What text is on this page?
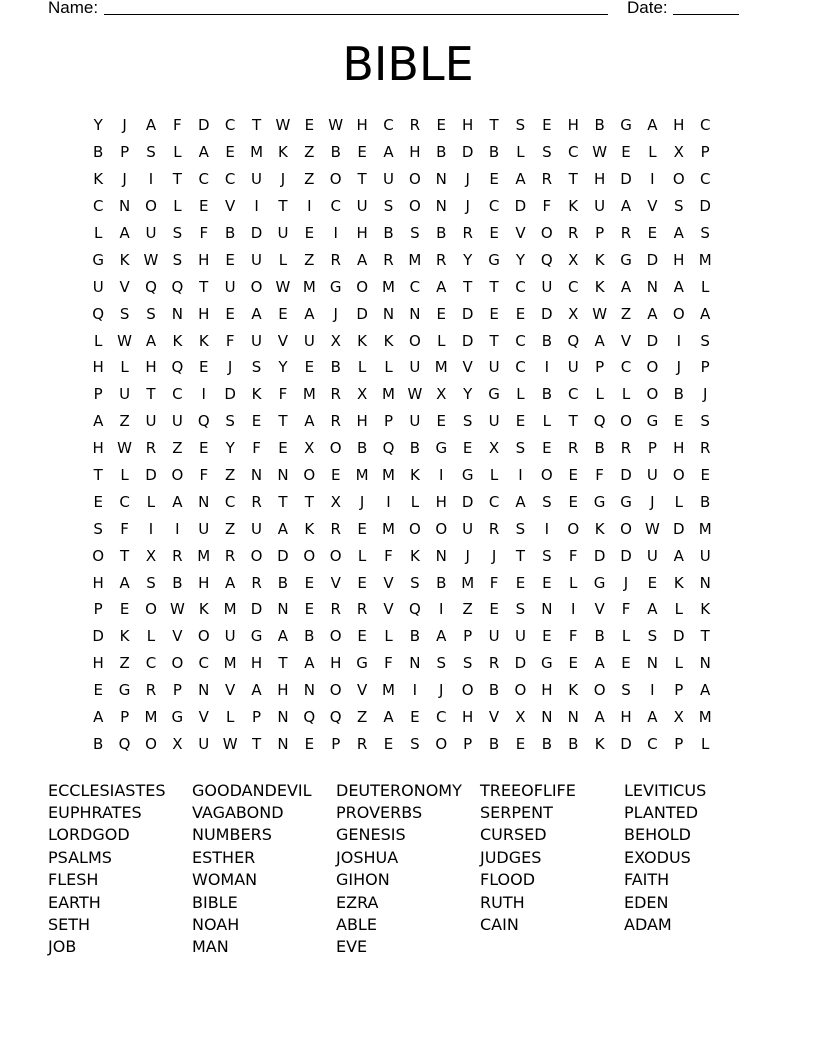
Name:	Date:
BIBLE
Y	J	A	F	D	C	T W E W H	C	R	E	H	T	S	E	H	B	G	A	H	C
B	P	S	L	A	E	M K	Z	B	E	A	H	B	D	B	L	S	C W E	L	X	P
K	J	I	T	C	C	U	J	Z	O	T	U O N	J	E	A	R	T	H D	I	O	C
C	N O	L	E	V	I	T	I	C	U	S	O N	J	C	D	F	K	U	A	V	S	D
L	A	U	S	F	B	D	U	E	I	H	B	S	B	R	E	V	O	R	P	R	E	A	S
G	K W S	H	E	U	L	Z	R	A	R M R	Y	G	Y	Q	X	K	G D H M
U	V	Q Q	T	U O W M G O M C	A	T	T	C	U	C	K	A	N	A	L
Q	S	S	N	H	E	A	E	A	J	D	N	N	E	D	E	E	D	X W Z	A	O	A
L W A	K	K	F	U	V	U	X	K	K	O	L	D	T	C	B	Q	A	V	D	I	S
H	L	H Q	E	J	S	Y	E	B	L	L	U M V	U	C	I	U	P	C	O	J	P
P	U	T	C	I	D	K	F	M R	X M W X	Y	G	L	B	C	L	L	O	B	J
A	Z	U	U Q	S	E	T	A	R	H	P	U	E	S	U	E	L	T	Q O G	E	S
H W R	Z	E	Y	F	E	X	O	B	Q	B	G	E	X	S	E	R	B	R	P	H	R
T	L	D O	F	Z	N	N O	E	M M K	I	G	L	I	O	E	F	D	U O	E
E	C	L	A	N	C	R	T	T	X	J	I	L	H D	C	A	S	E	G G	J	L	B
S	F	I	I	U	Z	U	A	K	R	E	M O O	U	R	S	I	O	K	O W D M
O	T	X	R M R	O D O O	L	F	K	N	J	J	T	S	F	D D	U	A	U
H	A	S	B	H	A	R	B	E	V	E	V	S	B M	F	E	E	L	G	J	E	K	N
P	E	O W K	M D	N	E	R	R	V	Q	I	Z	E	S	N	I	V	F	A	L	K
D	K	L	V	O	U	G	A	B	O	E	L	B	A	P	U	U	E	F	B	L	S	D	T
H	Z	C	O	C M H	T	A	H G	F	N	S	S	R	D G	E	A	E	N	L	N
E	G	R	P	N	V	A	H	N O	V M	I	J	O	B	O H	K	O	S	I	P	A
A	P	M G	V	L	P	N Q Q	Z	A	E	C	H	V	X	N	N	A	H	A	X M
B	Q O	X	U W T	N	E	P	R	E	S	O	P	B	E	B	B	K	D	C	P	L
ECCLESIASTES	GOODANDEVIL	DEUTERONOMY	TREEOFLIFE	LEVITICUS
EUPHRATES	VAGABOND	PROVERBS	SERPENT	PLANTED
LORDGOD	NUMBERS	GENESIS	CURSED	BEHOLD
PSALMS	ESTHER	JOSHUA	JUDGES	EXODUS
FLESH	WOMAN	GIHON	FLOOD	FAITH
EARTH	BIBLE	EZRA	RUTH	EDEN
SETH	NOAH	ABLE	CAIN	ADAM
JOB	MAN	EVE
